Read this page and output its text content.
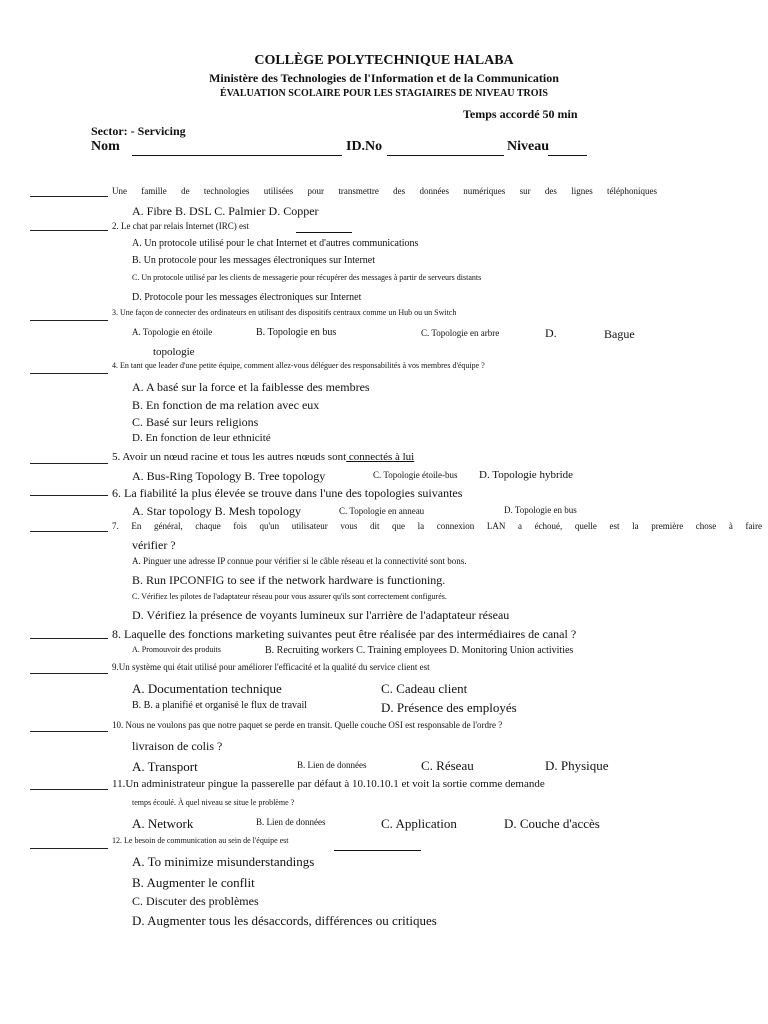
COLLÈGE POLYTECHNIQUE HALABA
Ministère des Technologies de l'Information et de la Communication
ÉVALUATION SCOLAIRE POUR LES STAGIAIRES DE NIVEAU TROIS
Temps accordé 50 min
Sector: - Servicing
Nom	ID.No	Niveau
Une famille de technologies utilisées pour transmettre des données numériques sur des lignes téléphoniques
A. Fibre B. DSL C. Palmier D. Copper
2. Le chat par relais Internet (IRC) est
A. Un protocole utilisé pour le chat Internet et d'autres communications
B. Un protocole pour les messages électroniques sur Internet
C. Un protocole utilisé par les clients de messagerie pour récupérer des messages à partir de serveurs distants
D. Protocole pour les messages électroniques sur Internet
3. Une façon de connecter des ordinateurs en utilisant des dispositifs centraux comme un Hub ou un Switch
A. Topologie en étoile	B. Topologie en bus	C. Topologie en arbre	D.	Bague
topologie
4. En tant que leader d'une petite équipe, comment allez-vous déléguer des responsabilités à vos membres d'équipe ?
A. A basé sur la force et la faiblesse des membres
B. En fonction de ma relation avec eux
C. Basé sur leurs religions
D. En fonction de leur ethnicité
5. Avoir un nœud racine et tous les autres nœuds sont connectés à lui
A. Bus-Ring Topology B. Tree topology	C. Topologie étoile-bus D. Topologie hybride
6. La fiabilité la plus élevée se trouve dans l'une des topologies suivantes
A. Star topology B. Mesh topology	C. Topologie en anneau	D. Topologie en bus
7. En général, chaque fois qu'un utilisateur vous dit que la connexion LAN a échoué, quelle est la première chose à faire
vérifier ?
A. Pinguer une adresse IP connue pour vérifier si le câble réseau et la connectivité sont bons.
B. Run IPCONFIG to see if the network hardware is functioning.
C. Vérifiez les pilotes de l'adaptateur réseau pour vous assurer qu'ils sont correctement configurés.
D. Vérifiez la présence de voyants lumineux sur l'arrière de l'adaptateur réseau
8. Laquelle des fonctions marketing suivantes peut être réalisée par des intermédiaires de canal ?
A. Promouvoir des produits	B. Recruiting workers C. Training employees D. Monitoring Union activities
9.Un système qui était utilisé pour améliorer l'efficacité et la qualité du service client est
A. Documentation technique	C. Cadeau client
B. B. a planifié et organisé le flux de travail	D. Présence des employés
10. Nous ne voulons pas que notre paquet se perde en transit. Quelle couche OSI est responsable de l'ordre ?
livraison de colis ?
A. Transport	B. Lien de données	C. Réseau	D. Physique
11.Un administrateur pingue la passerelle par défaut à 10.10.10.1 et voit la sortie comme demande
temps écoulé. À quel niveau se situe le problème ?
A. Network	B. Lien de données	C. Application	D. Couche d'accès
12. Le besoin de communication au sein de l'équipe est
A. To minimize misunderstandings
B. Augmenter le conflit
C. Discuter des problèmes
D. Augmenter tous les désaccords, différences ou critiques
